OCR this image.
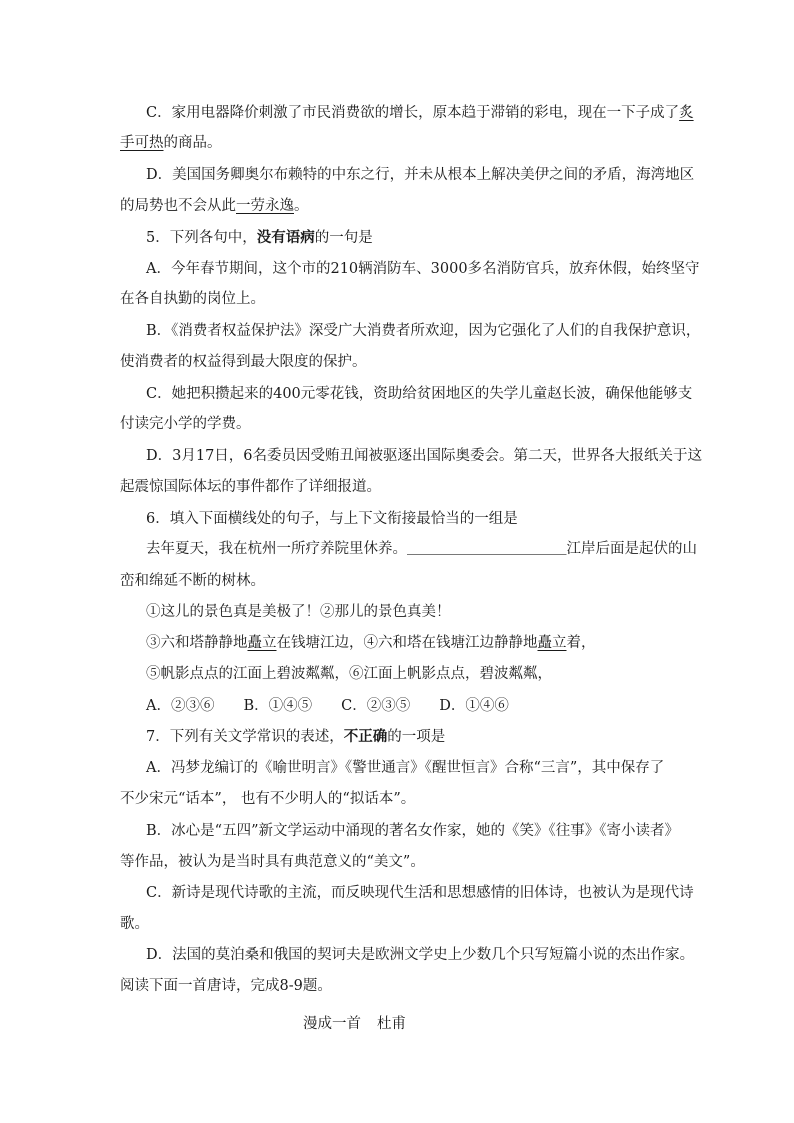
C．家用电器降价刺激了市民消费欲的增长，原本趋于滞销的彩电，现在一下子成了炙
手可热的商品。
D．美国国务卿奥尔布赖特的中东之行，并未从根本上解决美伊之间的矛盾，海湾地区
的局势也不会从此一劳永逸。
5．下列各句中，没有语病的一句是
A．今年春节期间，这个市的210辆消防车、3000多名消防官兵，放弃休假，始终坚守
在各自执勤的岗位上。
B．《消费者权益保护法》深受广大消费者所欢迎，因为它强化了人们的自我保护意识，
使消费者的权益得到最大限度的保护。
C．她把积攒起来的400元零花钱，资助给贫困地区的失学儿童赵长波，确保他能够支
付读完小学的学费。
D．3月17日，6名委员因受贿丑闻被驱逐出国际奥委会。第二天，世界各大报纸关于这
起震惊国际体坛的事件都作了详细报道。
6．填入下面横线处的句子，与上下文衔接最恰当的一组是
去年夏天，我在杭州一所疗养院里休养。＿＿＿＿＿＿＿＿＿＿＿江岸后面是起伏的山
峦和绵延不断的树林。
①这儿的景色真是美极了！②那儿的景色真美！
③六和塔静静地矗立在钱塘江边，④六和塔在钱塘江边静静地矗立着，
⑤帆影点点的江面上碧波粼粼，⑥江面上帆影点点，碧波粼粼，
A．②③⑥　　B．①④⑤　　C．②③⑤　　D．①④⑥
7．下列有关文学常识的表述，不正确的一项是
A．冯梦龙编订的《喻世明言》《警世通言》《醒世恒言》合称“三言”，其中保存了
不少宋元“话本”， 也有不少明人的“拟话本”。
B．冰心是“五四”新文学运动中涌现的著名女作家，她的《笑》《往事》《寄小读者》
等作品，被认为是当时具有典范意义的“美文”。
C．新诗是现代诗歌的主流，而反映现代生活和思想感情的旧体诗，也被认为是现代诗
歌。
D．法国的莫泊桑和俄国的契诃夫是欧洲文学史上少数几个只写短篇小说的杰出作家。
阅读下面一首唐诗，完成8-9题。
漫成一首 杜甫
